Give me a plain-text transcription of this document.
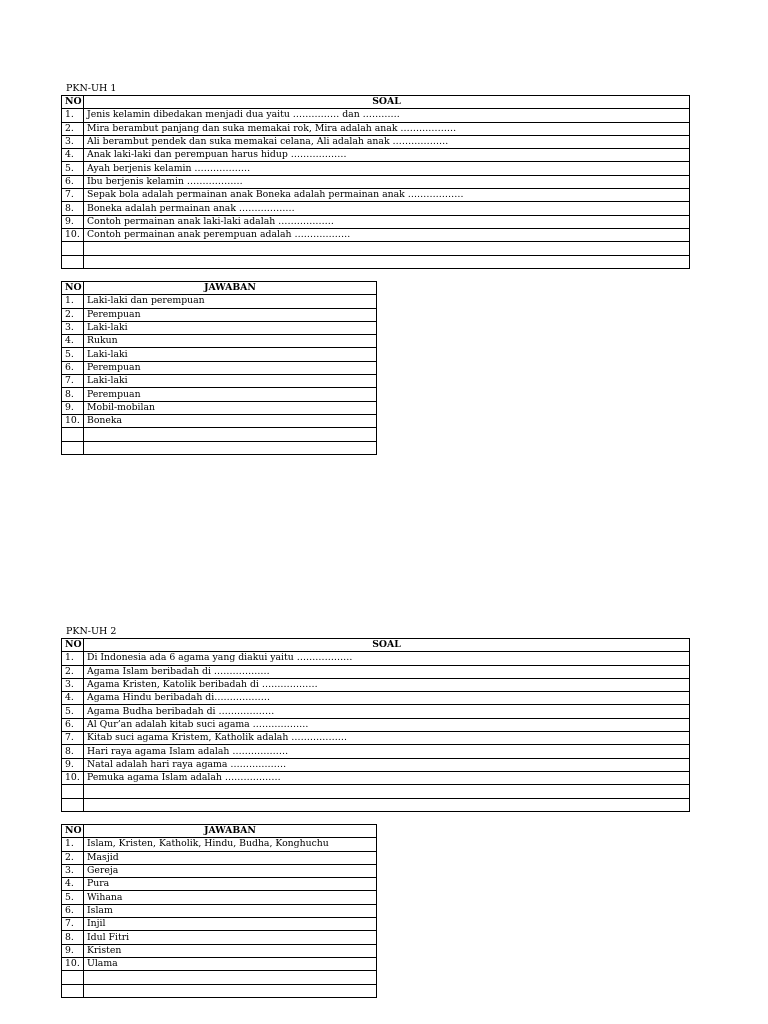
PKN-UH 1
NO	SOAL
1.	Jenis kelamin dibedakan menjadi dua yaitu …………… dan …………
2.	Mira berambut panjang dan suka memakai rok, Mira adalah anak ………………
3.	Ali berambut pendek dan suka memakai celana, Ali adalah anak ………………
4.	Anak laki-laki dan perempuan harus hidup ………………
5.	Ayah berjenis kelamin ………………
6.	Ibu berjenis kelamin ………………
7.	Sepak bola adalah permainan anak Boneka adalah permainan anak ………………
8.	Boneka adalah permainan anak ………………
9.	Contoh permainan anak laki-laki adalah ………………
10.	Contoh permainan anak perempuan adalah ………………

NO	JAWABAN
1.	Laki-laki dan perempuan
2.	Perempuan
3.	Laki-laki
4.	Rukun
5.	Laki-laki
6.	Perempuan
7.	Laki-laki
8.	Perempuan
9.	Mobil-mobilan
10.	Boneka

PKN-UH 2
NO	SOAL
1.	Di Indonesia ada 6 agama yang diakui yaitu ………………
2.	Agama Islam beribadah di ………………
3.	Agama Kristen, Katolik beribadah di ………………
4.	Agama Hindu beribadah di………………
5.	Agama Budha beribadah di ………………
6.	Al Qur’an adalah kitab suci agama ………………
7.	Kitab suci agama Kristem, Katholik adalah ………………
8.	Hari raya agama Islam adalah ………………
9.	Natal adalah hari raya agama ………………
10.	Pemuka agama Islam adalah ………………

NO	JAWABAN
1.	Islam, Kristen, Katholik, Hindu, Budha, Konghuchu
2.	Masjid
3.	Gereja
4.	Pura
5.	Wihana
6.	Islam
7.	Injil
8.	Idul Fitri
9.	Kristen
10.	Ulama
